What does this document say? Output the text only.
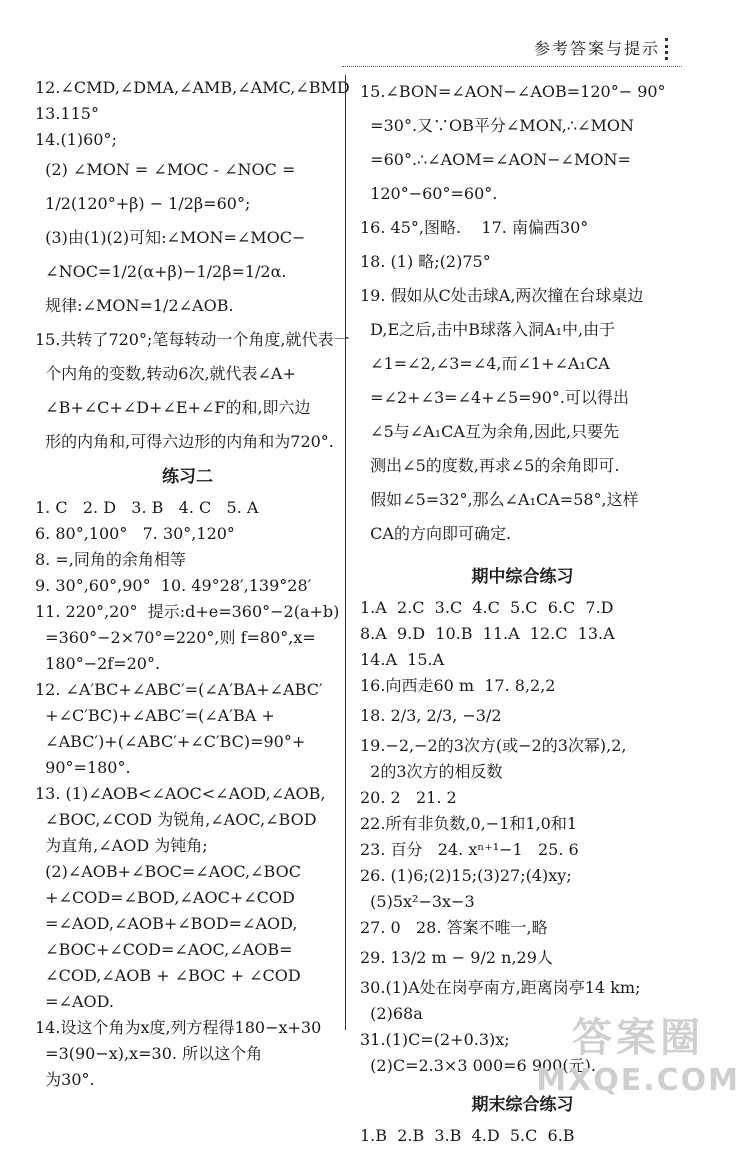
参考答案与提示
12.∠CMD,∠DMA,∠AMB,∠AMC,∠BMD
13.115°
14.(1)60°;
(2) ∠MON = ∠MOC - ∠NOC =
1/2(120°+β) − 1/2β=60°;
(3)由(1)(2)可知:∠MON=∠MOC−
∠NOC=1/2(α+β)−1/2β=1/2α.
规律:∠MON=1/2∠AOB.
15.共转了720°;笔每转动一个角度,就代表一
个内角的变数,转动6次,就代表∠A+
∠B+∠C+∠D+∠E+∠F的和,即六边
形的内角和,可得六边形的内角和为720°.
练习二
1. C   2. D   3. B   4. C   5. A
6. 80°,100°   7. 30°,120°
8. =,同角的余角相等
9. 30°,60°,90°  10. 49°28′,139°28′
11. 220°,20°  提示:d+e=360°−2(a+b)
=360°−2×70°=220°,则 f=80°,x=
180°−2f=20°.
12. ∠A′BC+∠ABC′=(∠A′BA+∠ABC′
+∠C′BC)+∠ABC′=(∠A′BA +
∠ABC′)+(∠ABC′+∠C′BC)=90°+
90°=180°.
13. (1)∠AOB<∠AOC<∠AOD,∠AOB,
∠BOC,∠COD 为锐角,∠AOC,∠BOD
为直角,∠AOD 为钝角;
(2)∠AOB+∠BOC=∠AOC,∠BOC
+∠COD=∠BOD,∠AOC+∠COD
=∠AOD,∠AOB+∠BOD=∠AOD,
∠BOC+∠COD=∠AOC,∠AOB=
∠COD,∠AOB + ∠BOC + ∠COD
=∠AOD.
14.设这个角为x度,列方程得180−x+30
=3(90−x),x=30. 所以这个角
为30°.
15.∠BON=∠AON−∠AOB=120°− 90°
=30°.又∵OB平分∠MON,∴∠MON
=60°.∴∠AOM=∠AON−∠MON=
120°−60°=60°.
16. 45°,图略.    17. 南偏西30°
18. (1) 略;(2)75°
19. 假如从C处击球A,两次撞在台球桌边
D,E之后,击中B球落入洞A₁中,由于
∠1=∠2,∠3=∠4,而∠1+∠A₁CA
=∠2+∠3=∠4+∠5=90°.可以得出
∠5与∠A₁CA互为余角,因此,只要先
测出∠5的度数,再求∠5的余角即可.
假如∠5=32°,那么∠A₁CA=58°,这样
CA的方向即可确定.
期中综合练习
1.A  2.C  3.C  4.C  5.C  6.C  7.D
8.A  9.D  10.B  11.A  12.C  13.A
14.A  15.A
16.向西走60 m  17. 8,2,2
18. 2/3, 2/3, −3/2
19.−2,−2的3次方(或−2的3次幂),2,
2的3次方的相反数
20. 2   21. 2
22.所有非负数,0,−1和1,0和1
23. 百分   24. xⁿ⁺¹−1   25. 6
26. (1)6;(2)15;(3)27;(4)xy;
(5)5x²−3x−3
27. 0   28. 答案不唯一,略
29. 13/2 m − 9/2 n,29人
30.(1)A处在岗亭南方,距离岗亭14 km;
(2)68a
31.(1)C=(2+0.3)x;
(2)C=2.3×3 000=6 900(元).
期末综合练习
1.B  2.B  3.B  4.D  5.C  6.B
答案圈
MXQE.COM
